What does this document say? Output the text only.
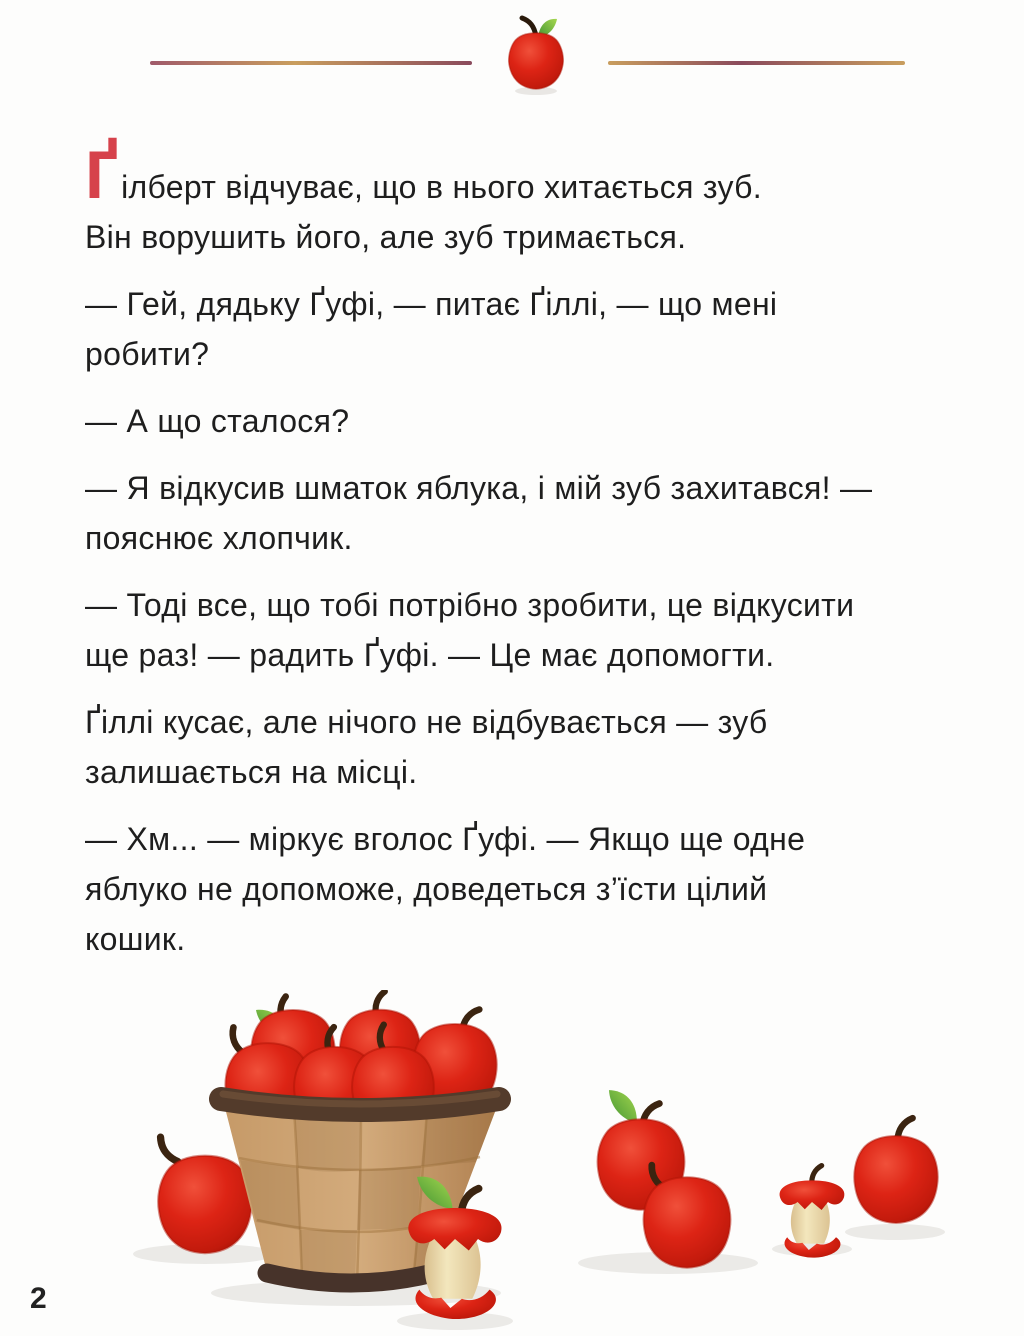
Ґілберт відчуває, що в нього хитається зуб.
Він ворушить його, але зуб тримається.

— Гей, дядьку Ґуфі, — питає Ґіллі, — що мені
робити?

— А що сталося?

— Я відкусив шматок яблука, і мій зуб захитався! —
пояснює хлопчик.

— Тоді все, що тобі потрібно зробити, це відкусити
ще раз! — радить Ґуфі. — Це має допомогти.

Ґіллі кусає, але нічого не відбувається — зуб
залишається на місці.

— Хм... — міркує вголос Ґуфі. — Якщо ще одне
яблуко не допоможе, доведеться з’їсти цілий
кошик.

2
